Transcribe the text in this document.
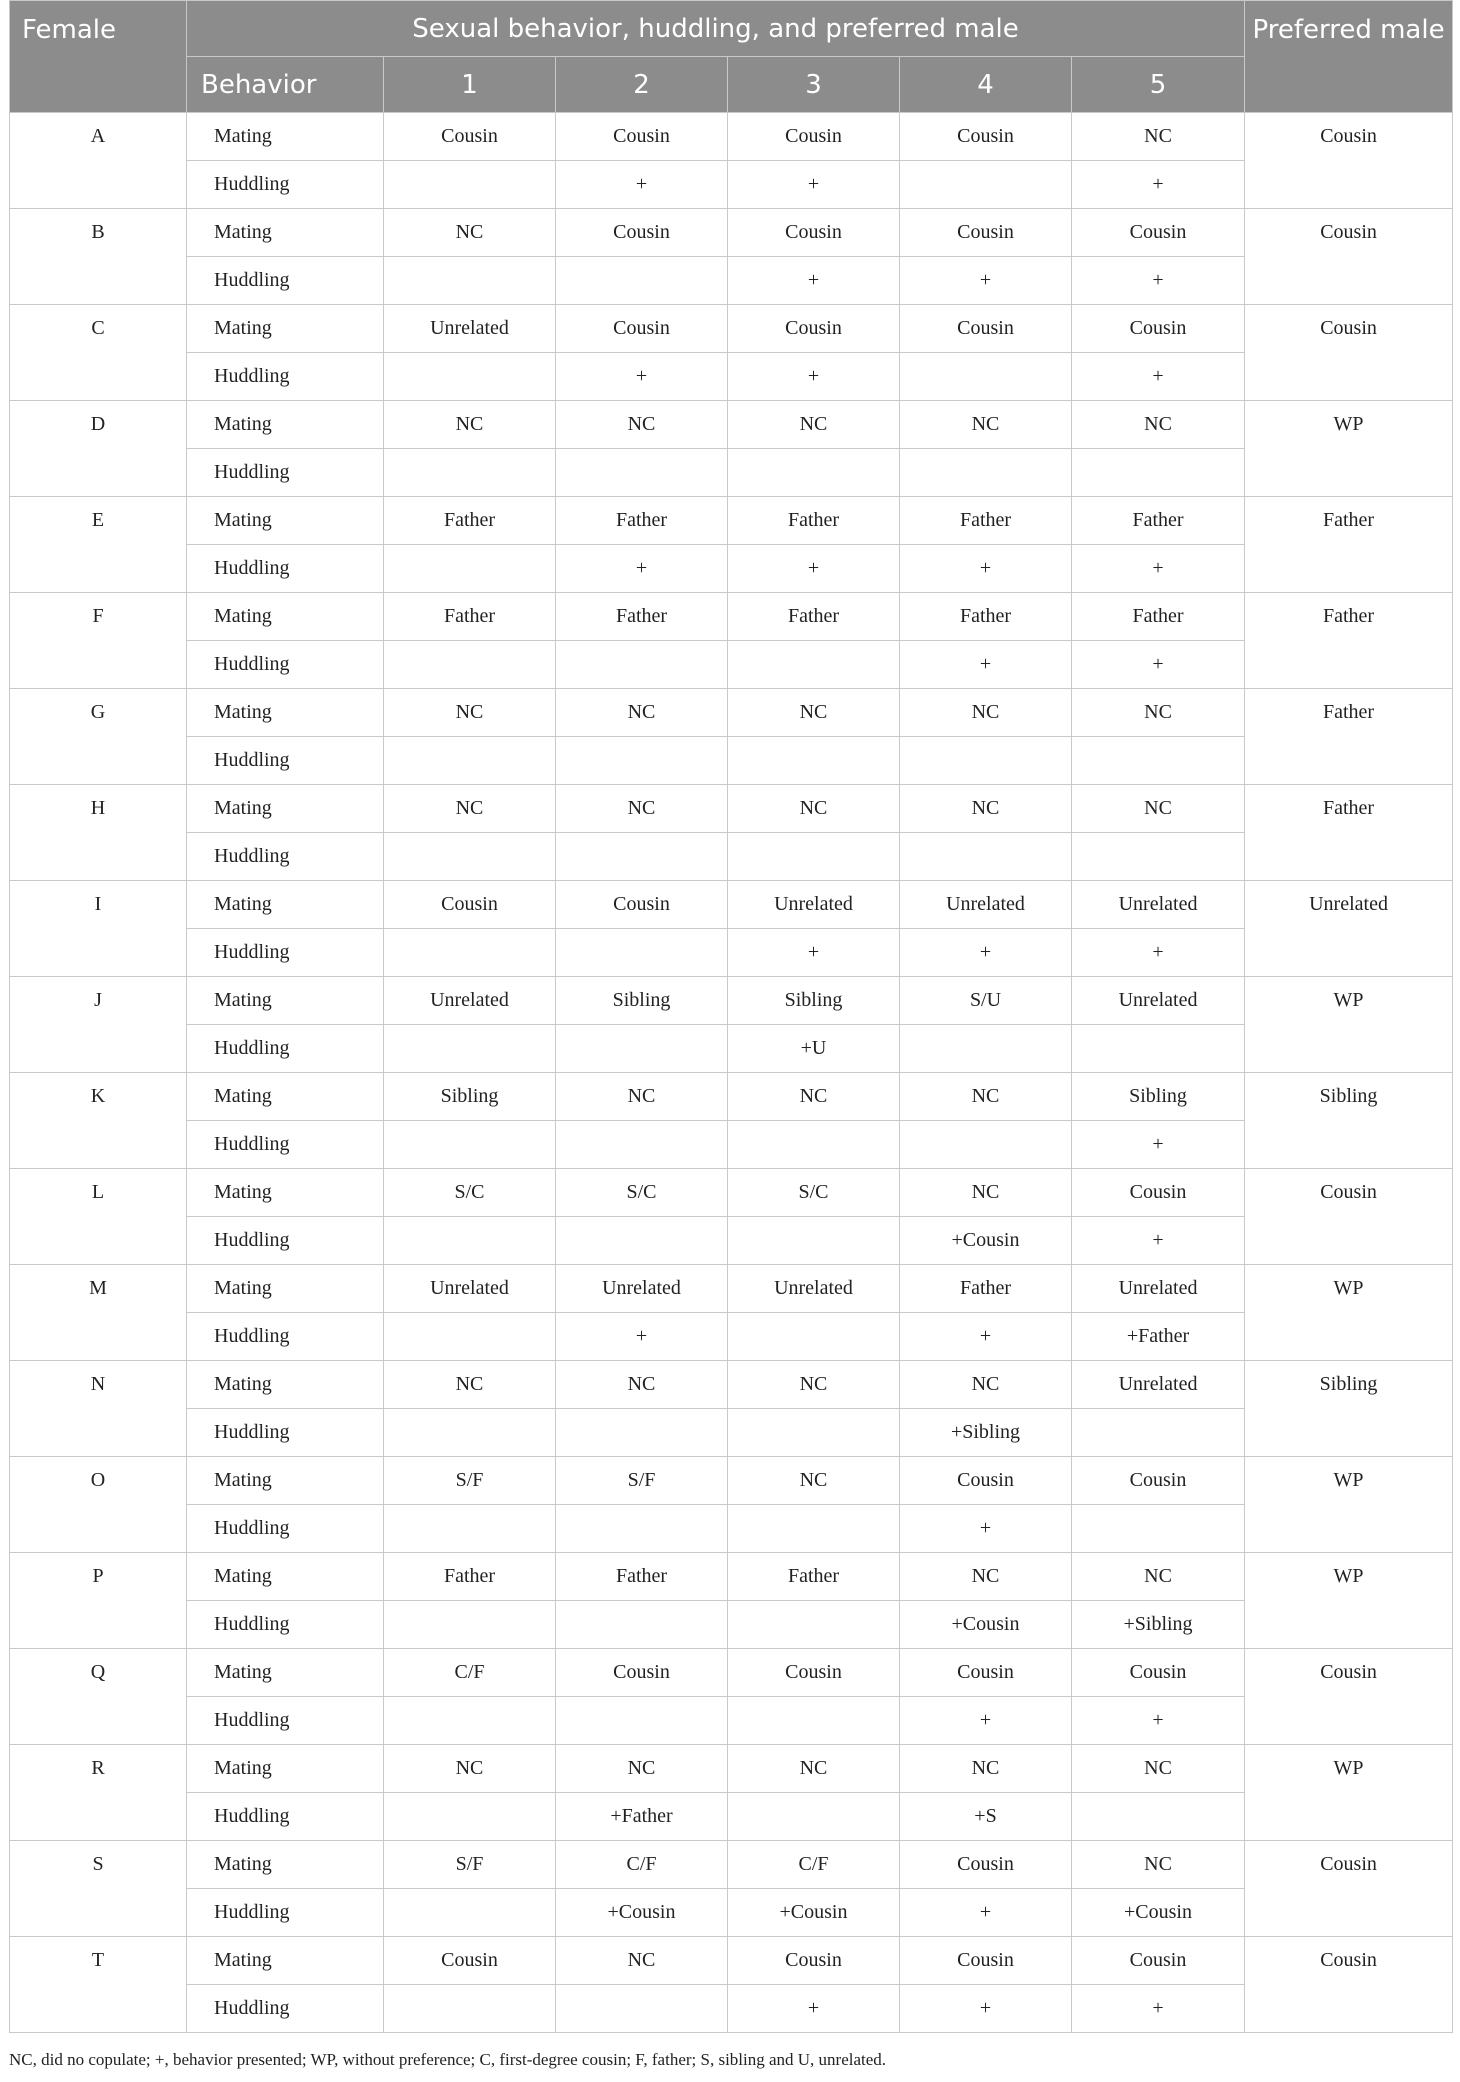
Female	Sexual behavior, huddling, and preferred male						Preferred male
	Behavior	1	2	3	4	5	
A	Mating	Cousin	Cousin	Cousin	Cousin	NC	Cousin
	Huddling		+	+		+	
B	Mating	NC	Cousin	Cousin	Cousin	Cousin	Cousin
	Huddling			+	+	+	
C	Mating	Unrelated	Cousin	Cousin	Cousin	Cousin	Cousin
	Huddling		+	+		+	
D	Mating	NC	NC	NC	NC	NC	WP
	Huddling						
E	Mating	Father	Father	Father	Father	Father	Father
	Huddling		+	+	+	+	
F	Mating	Father	Father	Father	Father	Father	Father
	Huddling				+	+	
G	Mating	NC	NC	NC	NC	NC	Father
	Huddling						
H	Mating	NC	NC	NC	NC	NC	Father
	Huddling						
I	Mating	Cousin	Cousin	Unrelated	Unrelated	Unrelated	Unrelated
	Huddling			+	+	+	
J	Mating	Unrelated	Sibling	Sibling	S/U	Unrelated	WP
	Huddling			+U			
K	Mating	Sibling	NC	NC	NC	Sibling	Sibling
	Huddling					+	
L	Mating	S/C	S/C	S/C	NC	Cousin	Cousin
	Huddling				+Cousin	+	
M	Mating	Unrelated	Unrelated	Unrelated	Father	Unrelated	WP
	Huddling		+		+	+Father	
N	Mating	NC	NC	NC	NC	Unrelated	Sibling
	Huddling				+Sibling		
O	Mating	S/F	S/F	NC	Cousin	Cousin	WP
	Huddling				+		
P	Mating	Father	Father	Father	NC	NC	WP
	Huddling				+Cousin	+Sibling	
Q	Mating	C/F	Cousin	Cousin	Cousin	Cousin	Cousin
	Huddling				+	+	
R	Mating	NC	NC	NC	NC	NC	WP
	Huddling		+Father		+S		
S	Mating	S/F	C/F	C/F	Cousin	NC	Cousin
	Huddling		+Cousin	+Cousin	+	+Cousin	
T	Mating	Cousin	NC	Cousin	Cousin	Cousin	Cousin
	Huddling			+	+	+	
NC, did no copulate; +, behavior presented; WP, without preference; C, first-degree cousin; F, father; S, sibling and U, unrelated.
